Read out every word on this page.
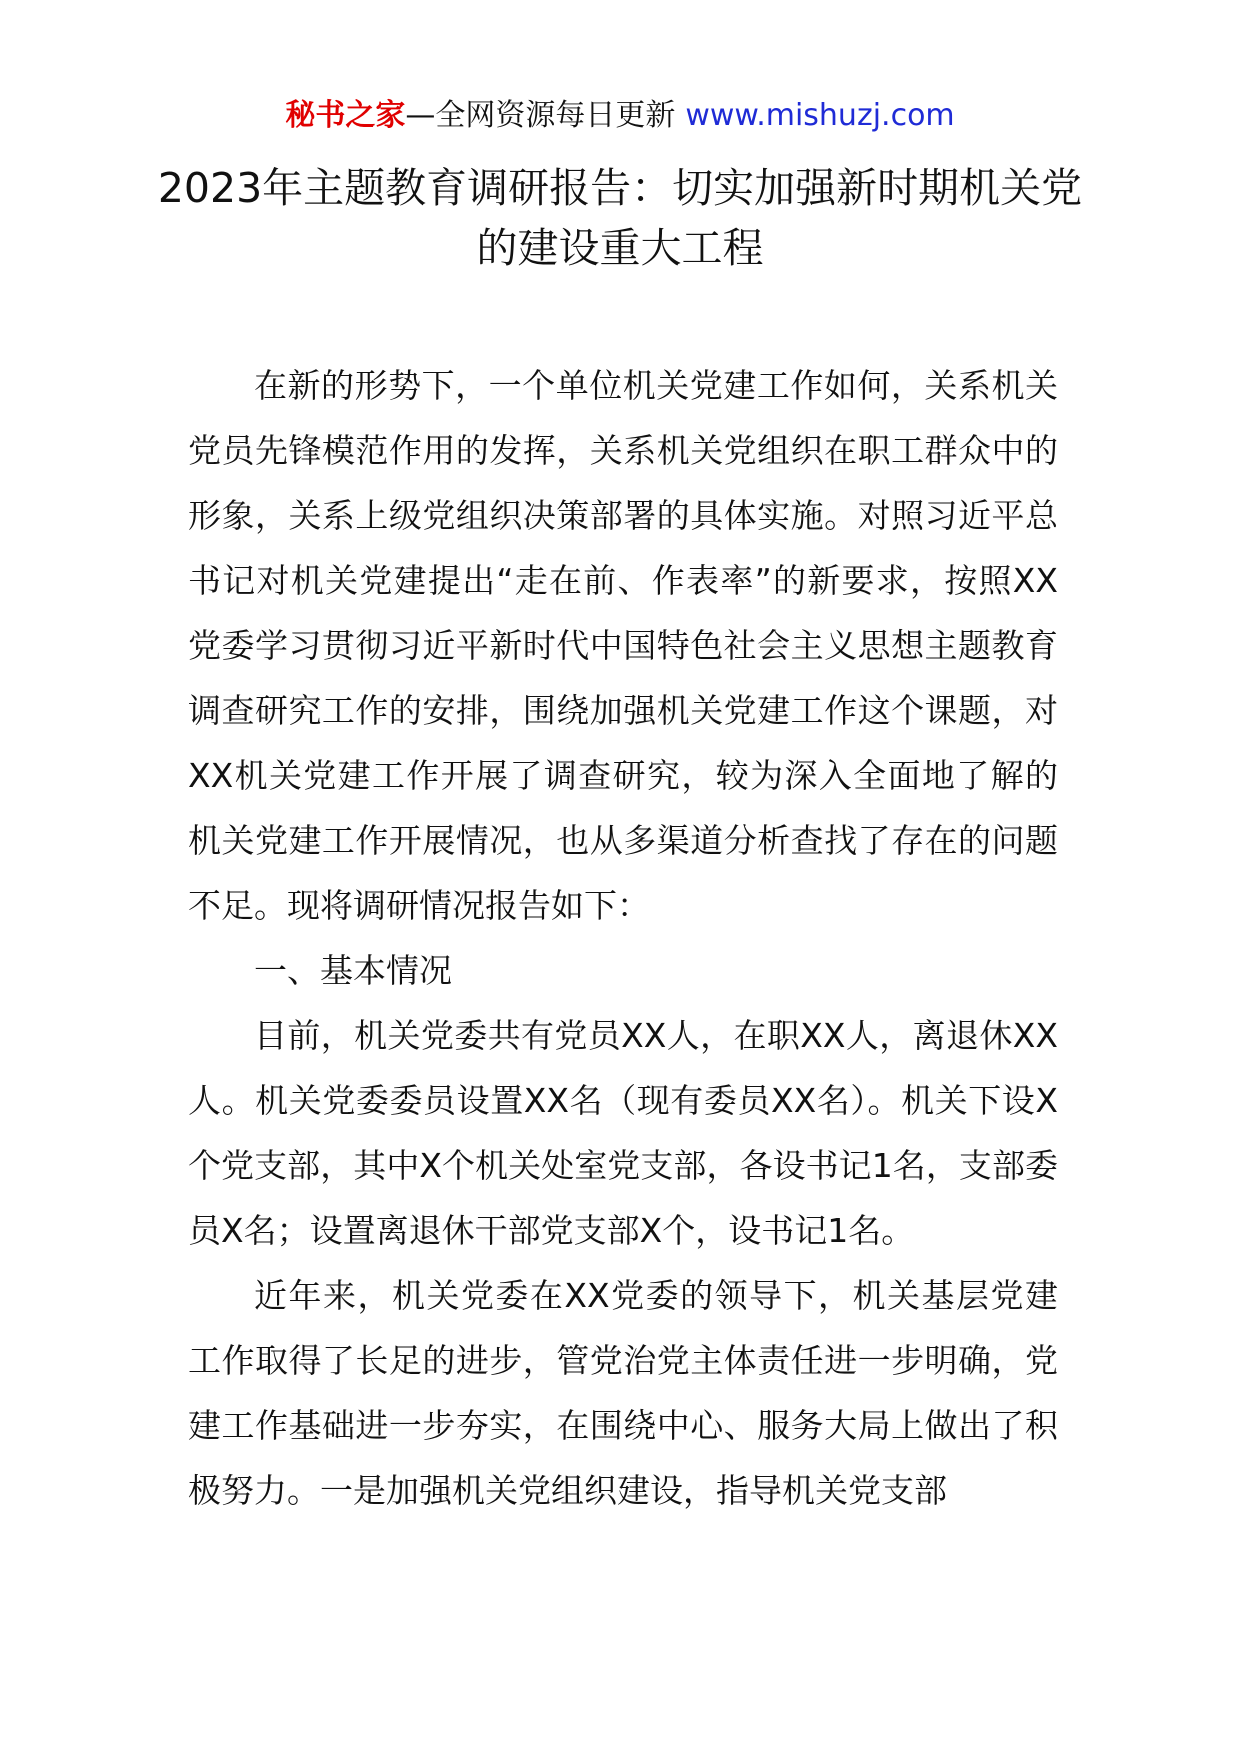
秘书之家—全网资源每日更新 www.mishuzj.com
2023年主题教育调研报告：切实加强新时期机关党的建设重大工程

在新的形势下，一个单位机关党建工作如何，关系机关党员先锋模范作用的发挥，关系机关党组织在职工群众中的形象，关系上级党组织决策部署的具体实施。对照习近平总书记对机关党建提出“走在前、作表率”的新要求，按照XX党委学习贯彻习近平新时代中国特色社会主义思想主题教育调查研究工作的安排，围绕加强机关党建工作这个课题，对XX机关党建工作开展了调查研究，较为深入全面地了解的机关党建工作开展情况，也从多渠道分析查找了存在的问题不足。现将调研情况报告如下：

一、基本情况

目前，机关党委共有党员XX人，在职XX人，离退休XX人。机关党委委员设置XX名（现有委员XX名）。机关下设X个党支部，其中X个机关处室党支部，各设书记1名，支部委员X名；设置离退休干部党支部X个，设书记1名。

近年来，机关党委在XX党委的领导下，机关基层党建工作取得了长足的进步，管党治党主体责任进一步明确，党建工作基础进一步夯实，在围绕中心、服务大局上做出了积极努力。一是加强机关党组织建设，指导机关党支部
